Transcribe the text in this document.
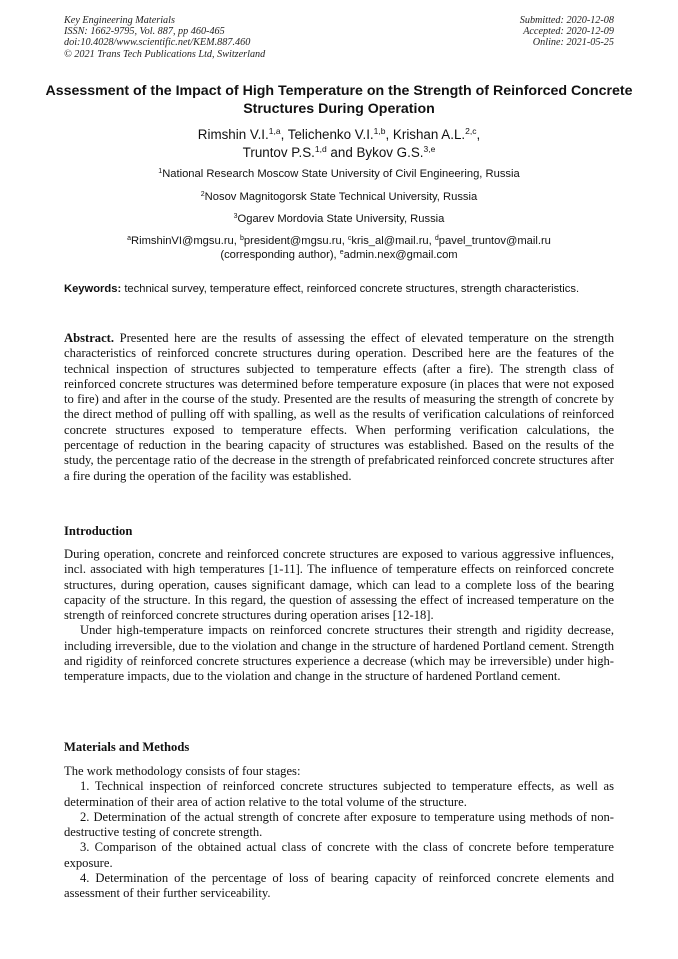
Key Engineering Materials
ISSN: 1662-9795, Vol. 887, pp 460-465
doi:10.4028/www.scientific.net/KEM.887.460
© 2021 Trans Tech Publications Ltd, Switzerland
Submitted: 2020-12-08
Accepted: 2020-12-09
Online: 2021-05-25
Assessment of the Impact of High Temperature on the Strength of Reinforced Concrete Structures During Operation
Rimshin V.I.$^{1,a}$, Telichenko V.I.$^{1,b}$, Krishan A.L.$^{2,c}$,
Truntov P.S.$^{1,d}$ and Bykov G.S.$^{3,e}$
$^1$National Research Moscow State University of Civil Engineering, Russia
$^2$Nosov Magnitogorsk State Technical University, Russia
$^3$Ogarev Mordovia State University, Russia
$^a$RimshinVI@mgsu.ru, $^b$president@mgsu.ru, $^c$kris_al@mail.ru, $^d$pavel_truntov@mail.ru
(corresponding author), $^e$admin.nex@gmail.com
Keywords: technical survey, temperature effect, reinforced concrete structures, strength characteristics.

Abstract. Presented here are the results of assessing the effect of elevated temperature on the strength characteristics of reinforced concrete structures during operation. Described here are the features of the technical inspection of structures subjected to temperature effects (after a fire). The strength class of reinforced concrete structures was determined before temperature exposure (in places that were not exposed to fire) and after in the course of the study. Presented are the results of measuring the strength of concrete by the direct method of pulling off with spalling, as well as the results of verification calculations of reinforced concrete structures exposed to temperature effects. When performing verification calculations, the percentage of reduction in the bearing capacity of structures was established. Based on the results of the study, the percentage ratio of the decrease in the strength of prefabricated reinforced concrete structures after a fire during the operation of the facility was established.

Introduction

During operation, concrete and reinforced concrete structures are exposed to various aggressive influences, incl. associated with high temperatures [1-11]. The influence of temperature effects on reinforced concrete structures, during operation, causes significant damage, which can lead to a complete loss of the bearing capacity of the structure. In this regard, the question of assessing the effect of increased temperature on the strength of reinforced concrete structures during operation arises [12-18].

Under high-temperature impacts on reinforced concrete structures their strength and rigidity decrease, including irreversible, due to the violation and change in the structure of hardened Portland cement. Strength and rigidity of reinforced concrete structures experience a decrease (which may be irreversible) under high-temperature impacts, due to the violation and change in the structure of hardened Portland cement.

Materials and Methods

The work methodology consists of four stages:

1. Technical inspection of reinforced concrete structures subjected to temperature effects, as well as determination of their area of action relative to the total volume of the structure.

2. Determination of the actual strength of concrete after exposure to temperature using methods of non-destructive testing of concrete strength.

3. Comparison of the obtained actual class of concrete with the class of concrete before temperature exposure.

4. Determination of the percentage of loss of bearing capacity of reinforced concrete elements and assessment of their further serviceability.
